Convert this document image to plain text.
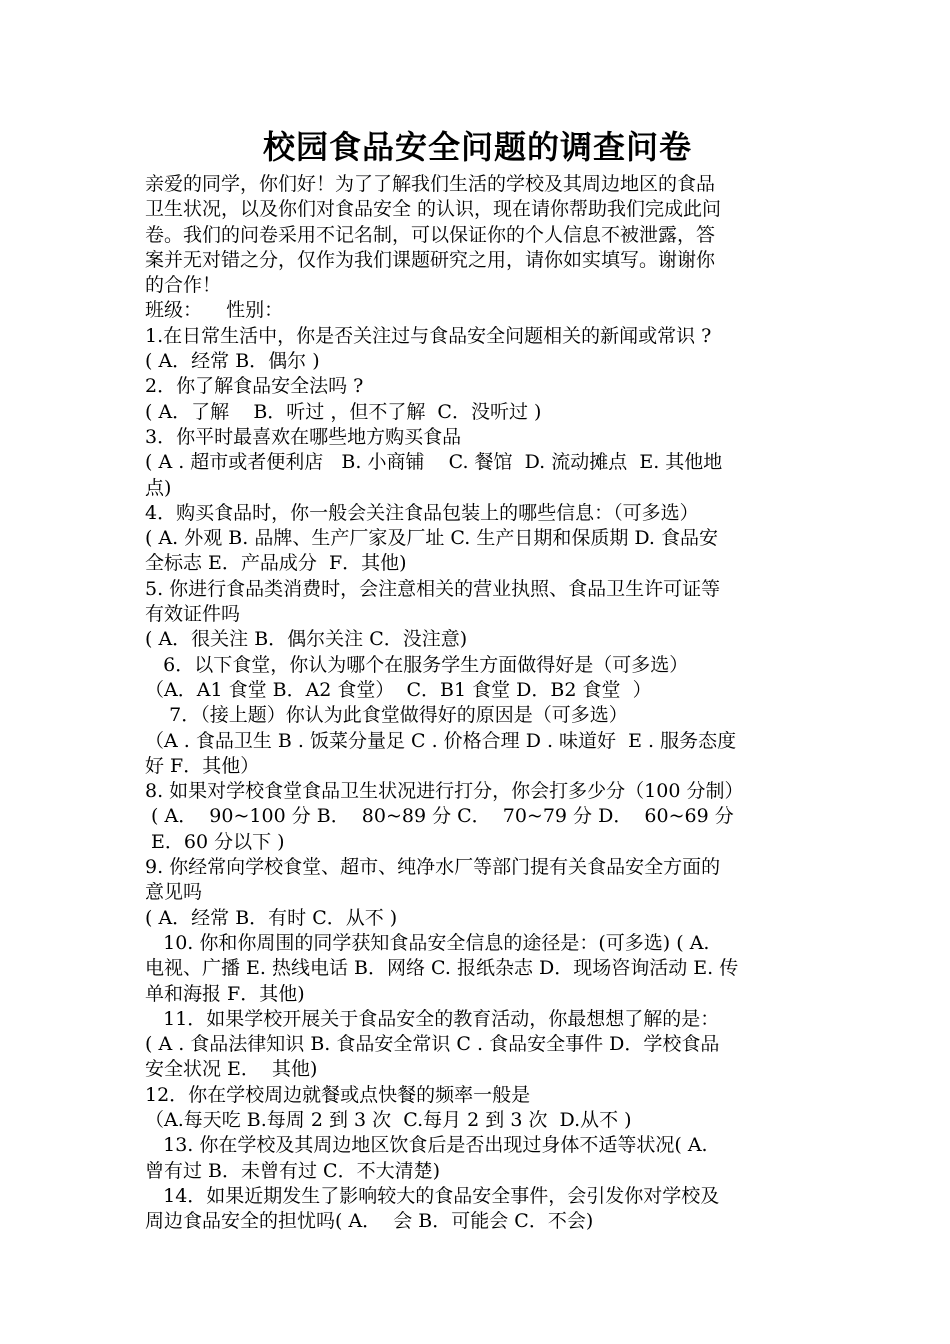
校园食品安全问题的调查问卷
亲爱的同学，你们好！为了了解我们生活的学校及其周边地区的食品
卫生状况，以及你们对食品安全 的认识，现在请你帮助我们完成此问
卷。我们的问卷采用不记名制，可以保证你的个人信息不被泄露，答
案并无对错之分，仅作为我们课题研究之用，请你如实填写。谢谢你
的合作！
班级：    性别：
1.在日常生活中，你是否关注过与食品安全问题相关的新闻或常识 ?
( A．经常 B．偶尔 )
2．你了解食品安全法吗 ?
( A．了解    B．听过 ，但不了解  C．没听过 )
3．你平时最喜欢在哪些地方购买食品
( A . 超市或者便利店   B. 小商铺    C. 餐馆  D. 流动摊点  E. 其他地
点)
4．购买食品时，你一般会关注食品包装上的哪些信息：（可多选）
( A. 外观 B. 品牌、生产厂家及厂址 C. 生产日期和保质期 D. 食品安
全标志 E．产品成分  F．其他)
5. 你进行食品类消费时，会注意相关的营业执照、食品卫生许可证等
有效证件吗
( A．很关注 B．偶尔关注 C．没注意)
6．以下食堂，你认为哪个在服务学生方面做得好是（可多选）
（A．A1 食堂 B．A2 食堂）  C．B1 食堂 D．B2 食堂  ）
7．（接上题）你认为此食堂做得好的原因是（可多选）
（A . 食品卫生 B . 饭菜分量足 C . 价格合理 D . 味道好  E . 服务态度
好 F．其他）
8. 如果对学校食堂食品卫生状况进行打分，你会打多少分（100 分制）
( A．  90~100 分 B．  80~89 分 C．  70~79 分 D．  60~69 分
E．60 分以下 )
9. 你经常向学校食堂、超市、纯净水厂等部门提有关食品安全方面的
意见吗
( A．经常 B．有时 C．从不 )
10. 你和你周围的同学获知食品安全信息的途径是：(可多选) ( A.
电视、广播 E. 热线电话 B．网络 C. 报纸杂志 D．现场咨询活动 E. 传
单和海报 F．其他)
11．如果学校开展关于食品安全的教育活动，你最想想了解的是：
( A . 食品法律知识 B. 食品安全常识 C . 食品安全事件 D．学校食品
安全状况 E．  其他)
12．你在学校周边就餐或点快餐的频率一般是
（A.每天吃 B.每周 2 到 3 次  C.每月 2 到 3 次  D.从不 )
13. 你在学校及其周边地区饮食后是否出现过身体不适等状况( A.
曾有过 B．未曾有过 C．不大清楚)
14．如果近期发生了影响较大的食品安全事件，会引发你对学校及
周边食品安全的担忧吗( A．  会 B．可能会 C．不会)
